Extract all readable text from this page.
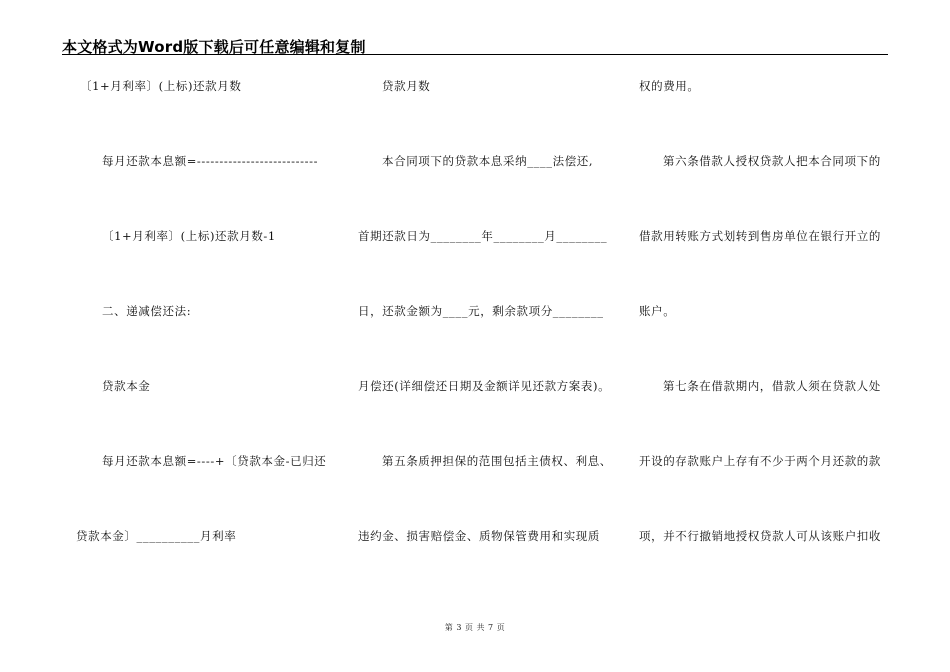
本文格式为Word版下载后可任意编辑和复制
〔1+月利率〕(上标)还款月数
每月还款本息额=---------------------------
〔1+月利率〕(上标)还款月数-1
二、递减偿还法:
贷款本金
每月还款本息额=----+〔贷款本金-已归还
贷款本金〕__________月利率
贷款月数
本合同项下的贷款本息采纳____法偿还,
首期还款日为________年________月________
日，还款金额为____元，剩余款项分________
月偿还(详细偿还日期及金额详见还款方案表)。
第五条质押担保的范围包括主债权、利息、
违约金、损害赔偿金、质物保管费用和实现质
权的费用。
第六条借款人授权贷款人把本合同项下的
借款用转账方式划转到售房单位在银行开立的
账户。
第七条在借款期内，借款人须在贷款人处
开设的存款账户上存有不少于两个月还款的款
项，并不行撤销地授权贷款人可从该账户扣收
第 3 页 共 7 页
